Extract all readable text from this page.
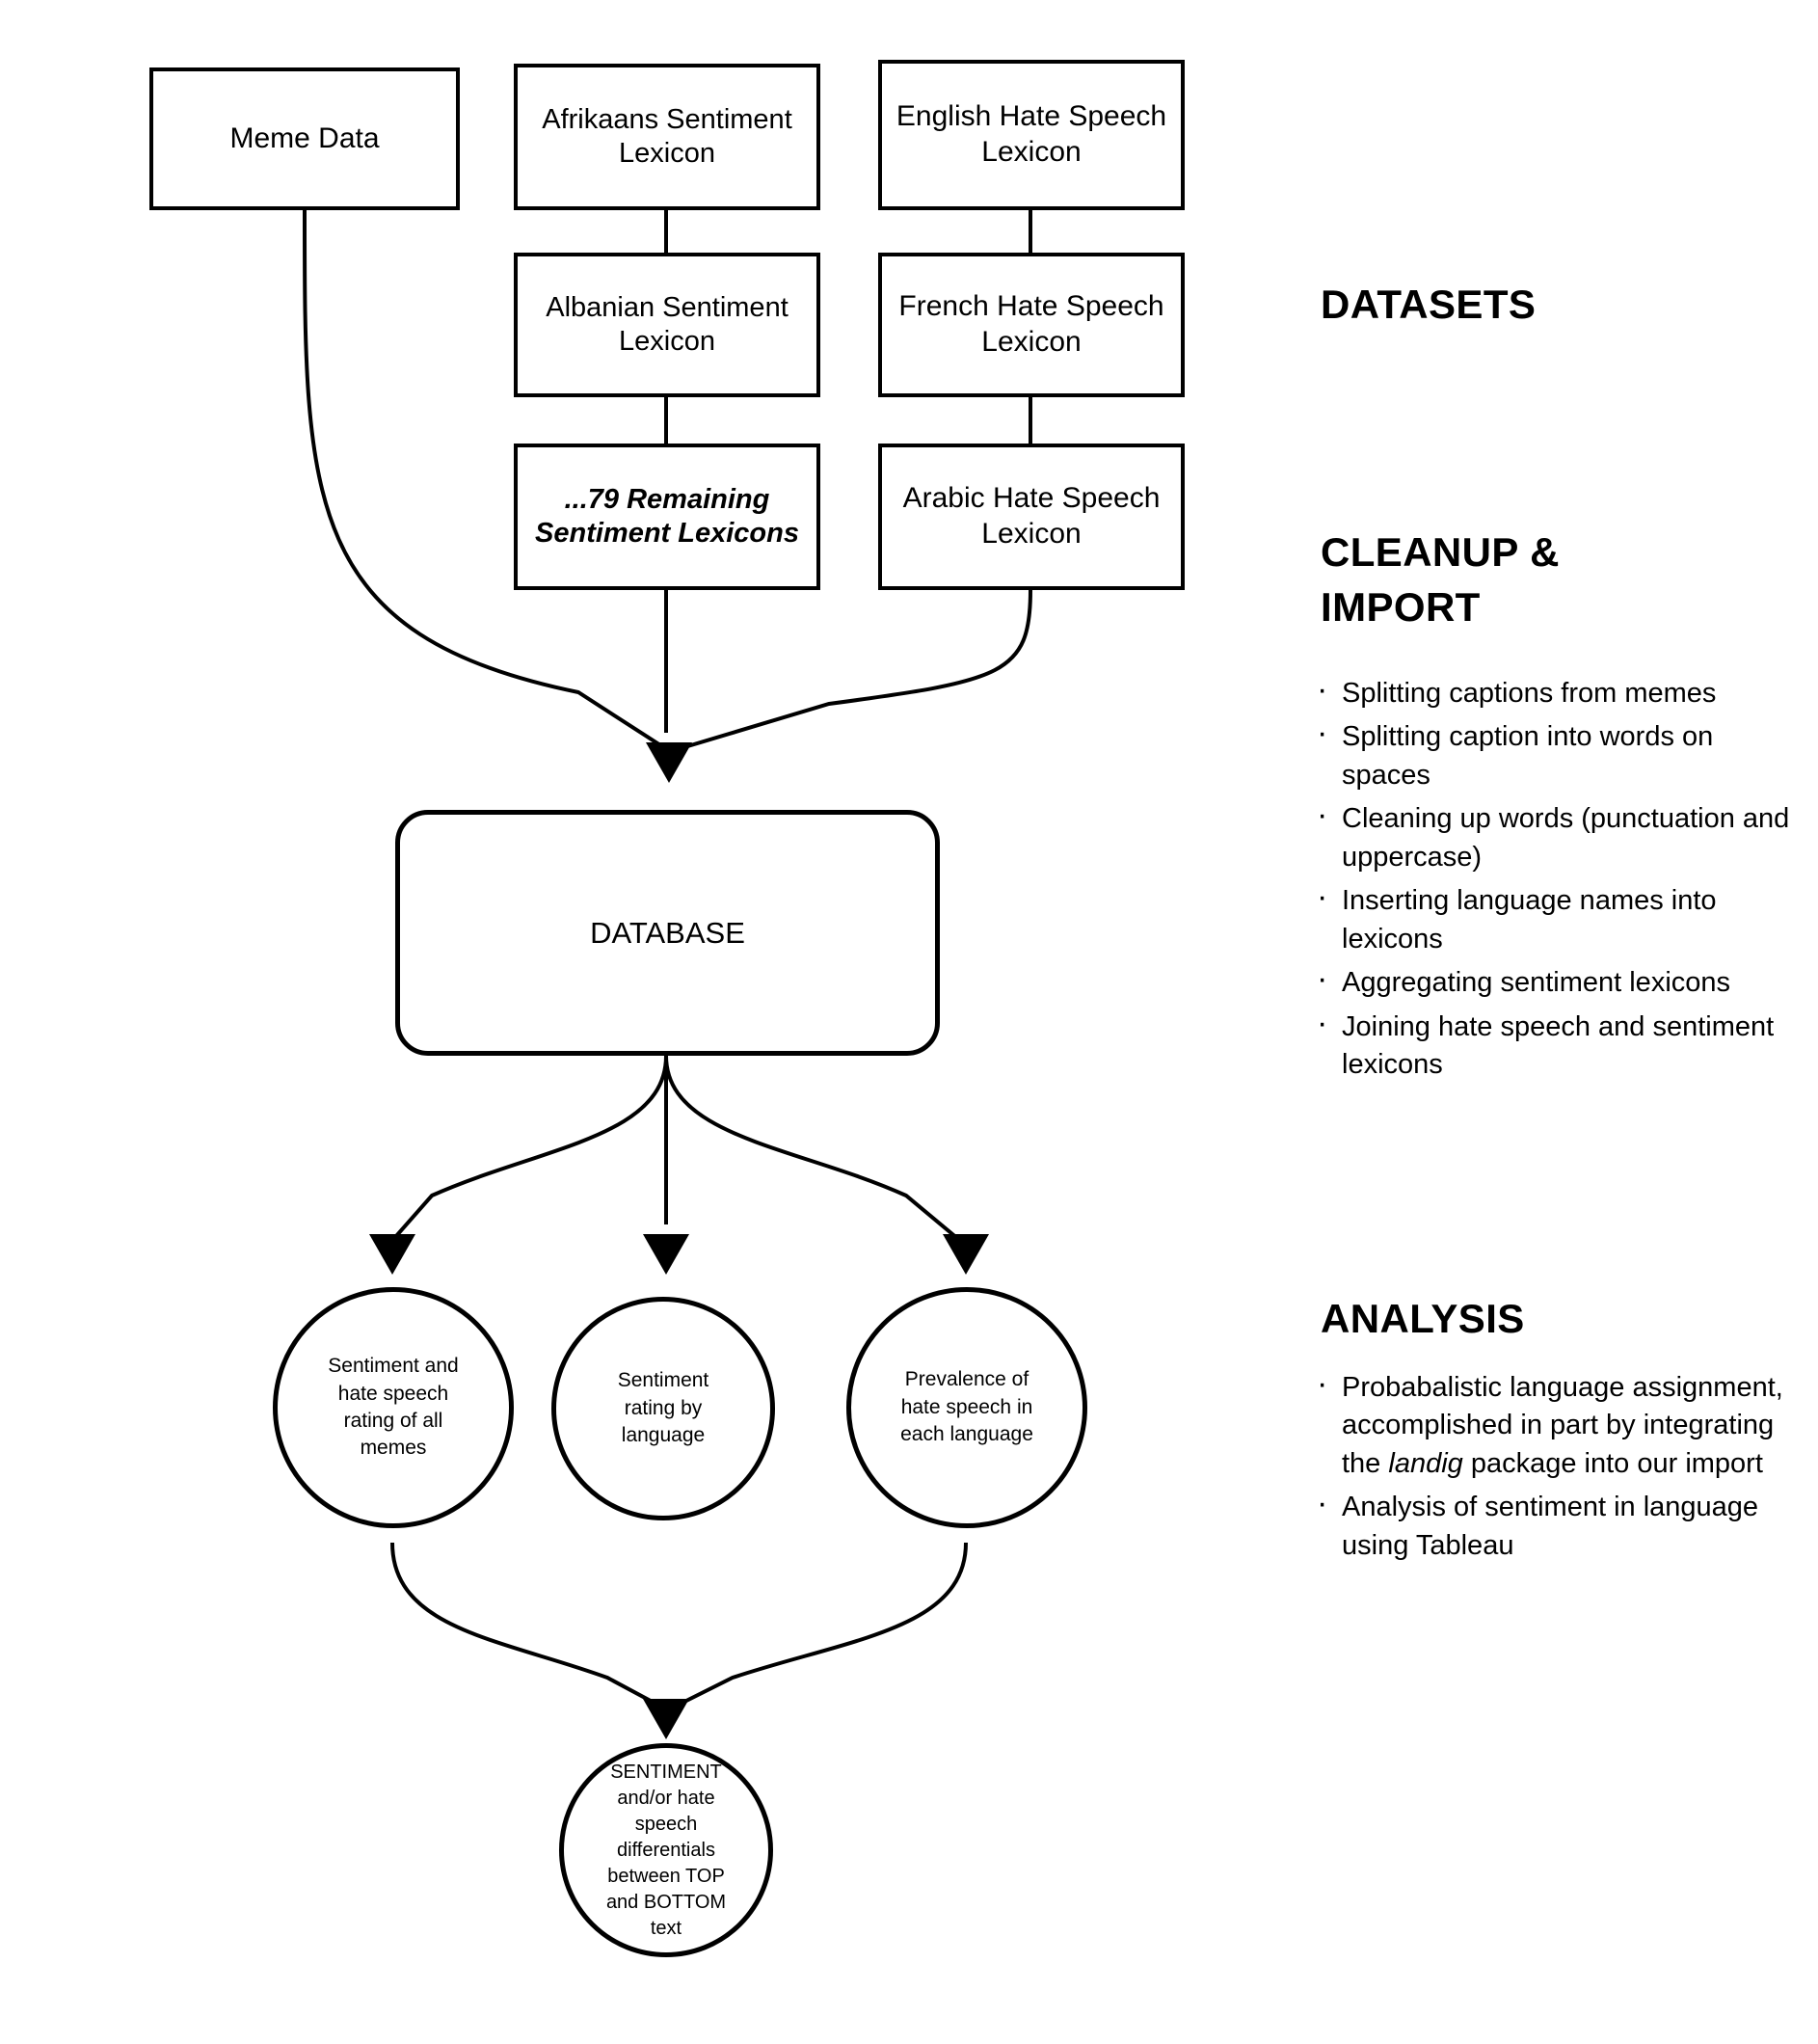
Meme Data
Afrikaans Sentiment Lexicon
Albanian Sentiment Lexicon
...79 Remaining Sentiment Lexicons
English Hate Speech Lexicon
French Hate Speech Lexicon
Arabic Hate Speech Lexicon
DATABASE
Sentiment and hate speech rating of all memes
Sentiment rating by language
Prevalence of hate speech in each language
SENTIMENT and/or hate speech differentials between TOP and BOTTOM text
DATASETS
CLEANUP & IMPORT
· Splitting captions from memes
· Splitting caption into words on spaces
· Cleaning up words (punctuation and uppercase)
· Inserting language names into lexicons
· Aggregating sentiment lexicons
· Joining hate speech and sentiment lexicons
ANALYSIS
· Probabalistic language assignment, accomplished in part by integrating the landig package into our import
· Analysis of sentiment in language using Tableau
